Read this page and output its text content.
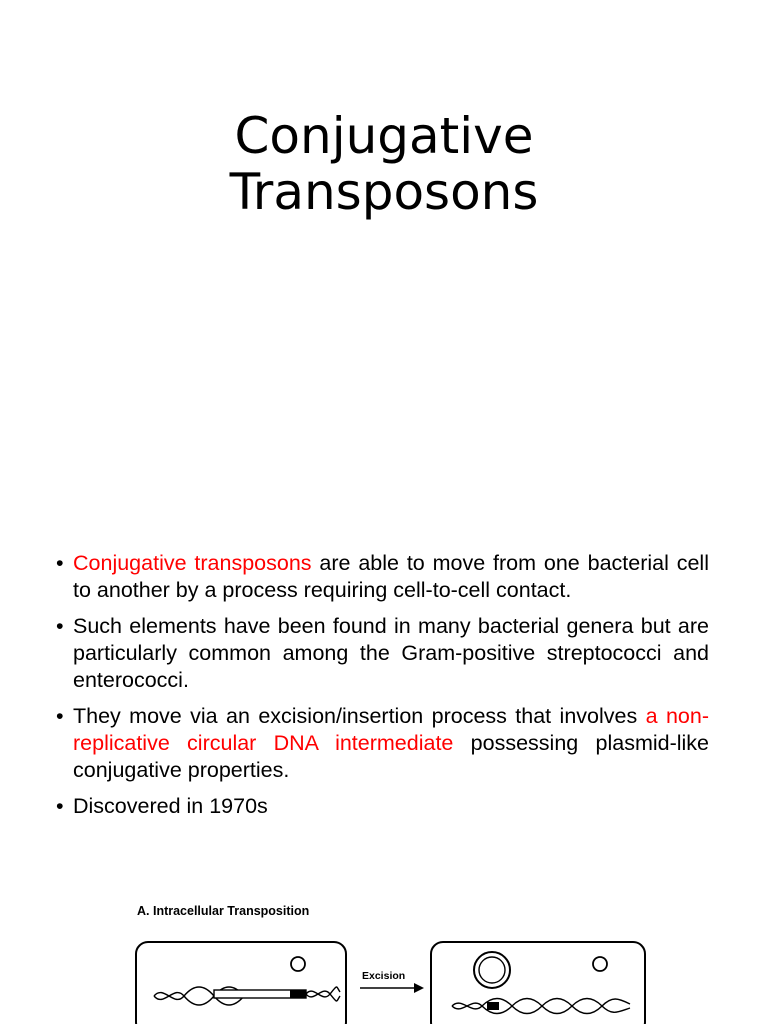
Conjugative
Transposons
• Conjugative transposons are able to move from one bacterial cell to another by a process requiring cell-to-cell contact.
• Such elements have been found in many bacterial genera but are particularly common among the Gram-positive streptococci and enterococci.
• They move via an excision/insertion process that involves a non-replicative circular DNA intermediate possessing plasmid-like conjugative properties.
• Discovered in 1970s
A. Intracellular Transposition
Excision
